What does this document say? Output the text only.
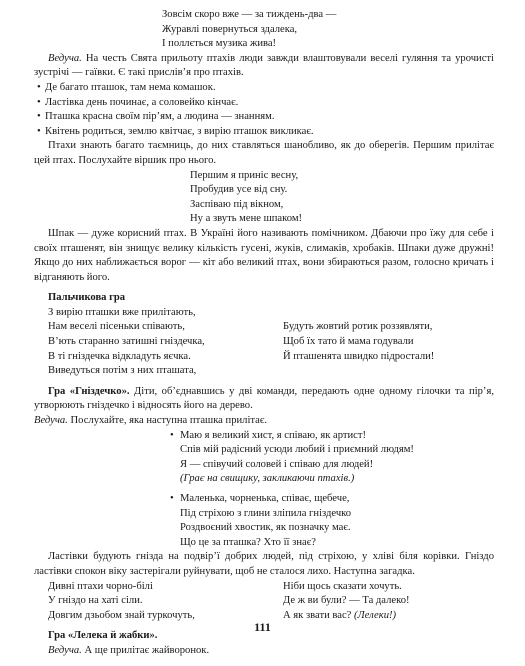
Зовсім скоро вже — за тиждень-два —
Журавлі повернуться здалека,
І поллється музика жива!

Ведуча. На честь Свята прильоту птахів люди завжди влаштовували веселі гуляння та урочисті зустрічі — гаївки. Є такі прислів’я про птахів.

• Де багато пташок, там нема комашок.
• Ластівка день починає, а соловейко кінчає.
• Пташка красна своїм пір’ям, а людина — знанням.
• Квітень родиться, землю квітчає, з вирію пташок викликає.

Птахи знають багато таємниць, до них ставляться шанобливо, як до оберегів. Першим прилітає цей птах. Послухайте віршик про нього.

Першим я приніс весну,
Пробудив усе від сну.
Заспіваю під вікном,
Ну а звуть мене шпаком!

Шпак — дуже корисний птах. В Україні його називають помічником. Дбаючи про їжу для себе і своїх пташенят, він знищує велику кількість гусені, жуків, слимаків, хробаків. Шпаки дуже дружні! Якщо до них наближається ворог — кіт або великий птах, вони збираються разом, голосно кричать і відганяють його.

Пальчикова гра
З вирію пташки вже прилітають,
Нам веселі пісеньки співають,
В’ють старанно затишні гніздечка,
В ті гніздечка відкладуть яєчка.
Виведуться потім з них пташата,
Будуть жовтий ротик роззявляти,
Щоб їх тато й мама годували
Й пташенята швидко підростали!

Гра «Гніздечко». Діти, об’єднавшись у дві команди, передають одне одному гілочки та пір’я, утворюють гніздечко і відносять його на дерево.

Ведуча. Послухайте, яка наступна пташка прилітає.

• Маю я великий хист, я співаю, як артист!
Спів мій радісний усюди любий і приємний людям!
Я — співучий соловей і співаю для людей!
(Грає на свищику, закликаючи птахів.)
• Маленька, чорненька, співає, щебече,
Під стріхою з глини зліпила гніздечко
Роздвоєний хвостик, як позначку має.
Що це за пташка? Хто її знає?

Ластівки будують гнізда на подвір’ї добрих людей, під стріхою, у хліві біля корівки. Гніздо ластівки спокон віку застерігали руйнувати, щоб не сталося лихо. Наступна загадка.

Дивні птахи чорно-білі
У гніздо на хаті сіли.
Довгим дзьобом знай туркочуть,
Ніби щось сказати хочуть.
Де ж ви були? — Та далеко!
А як звати вас? (Лелеки!)
Гра «Лелека й жабки».

Ведуча. А ще прилітає жайворонок.

111
